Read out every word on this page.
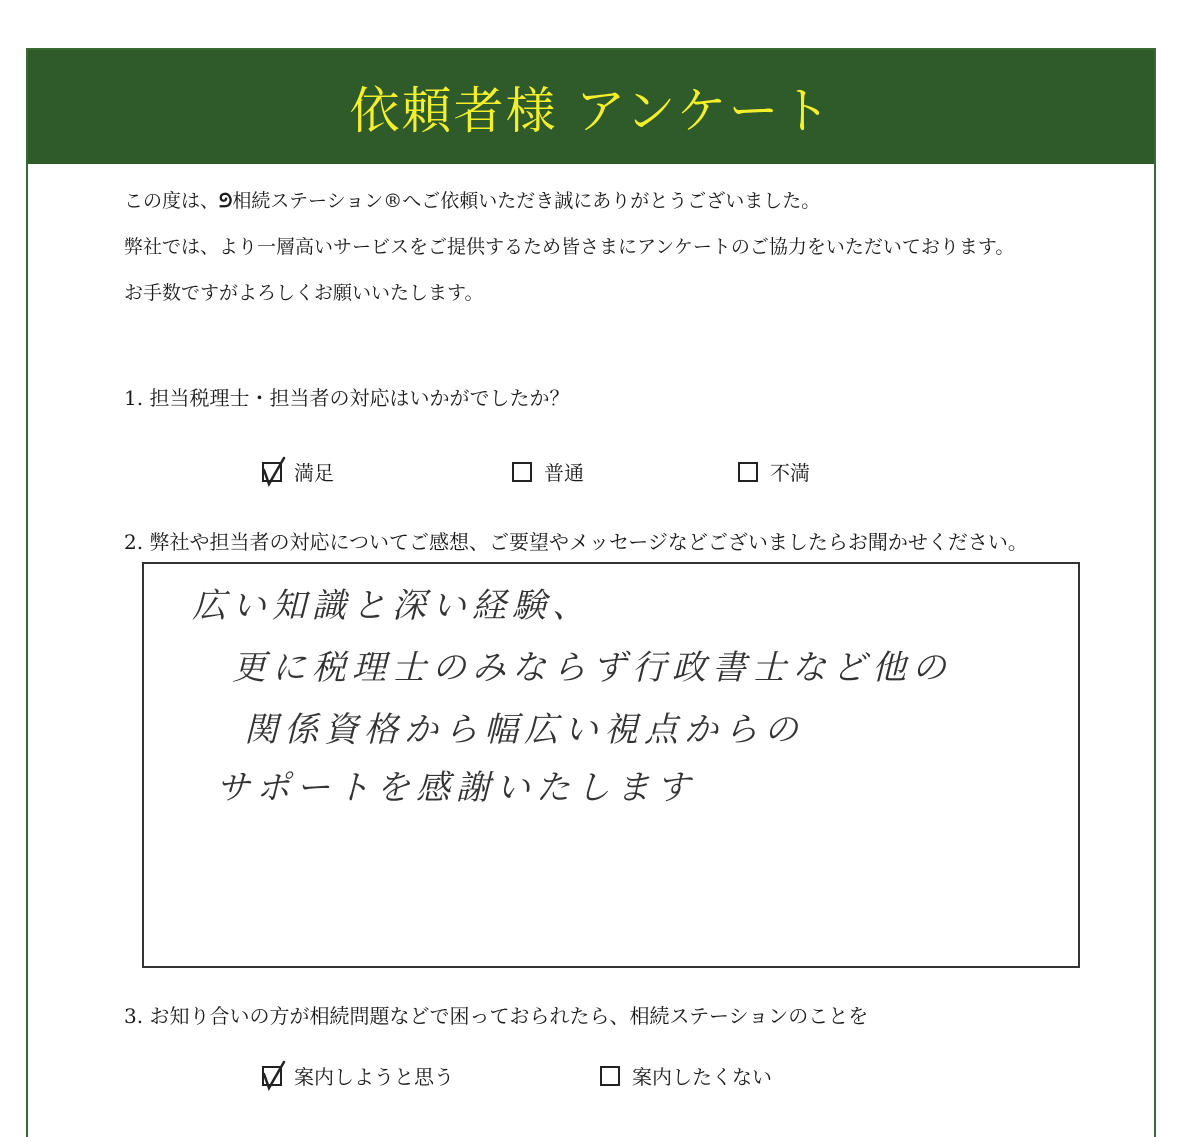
依頼者様 アンケート
この度は、ᘓ相続ステーション®へご依頼いただき誠にありがとうございました。
弊社では、より一層高いサービスをご提供するため皆さまにアンケートのご協力をいただいております。
お手数ですがよろしくお願いいたします。
1. 担当税理士・担当者の対応はいかがでしたか？
満足	普通	不満
2. 弊社や担当者の対応についてご感想、ご要望やメッセージなどございましたらお聞かせください。
広い知識と深い経験、
更に税理士のみならず行政書士など他の
関係資格から幅広い視点からの
サポートを感謝いたします
3. お知り合いの方が相続問題などで困っておられたら、相続ステーションのことを
案内しようと思う	案内したくない
